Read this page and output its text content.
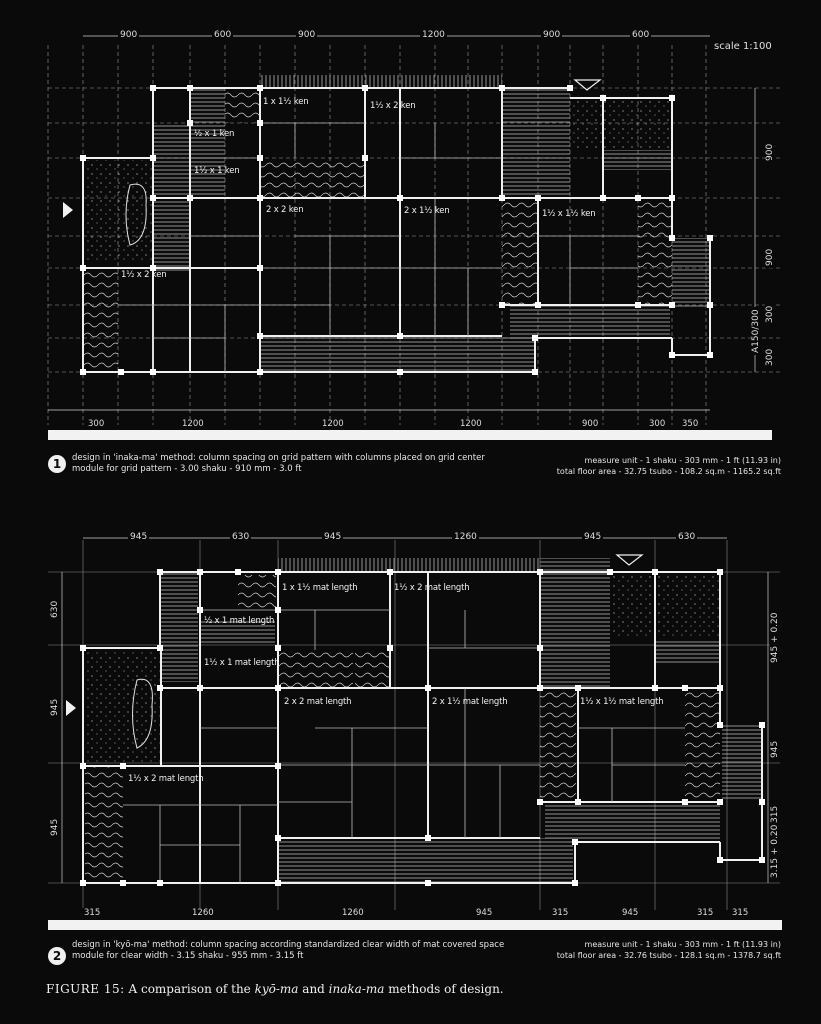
scale 1:100
900	600	900	1200	900	600
900
900
300
A150/300
300
1 x 1½ ken	1½ x 2 ken
½ x 1 ken
1½ x 1 ken
2 x 2 ken	2 x 1½ ken	1½ x 1½ ken
1½ x 2 ken
300	1200	1200	1200	900	300 350
1	design in 'inaka-ma' method: column spacing on grid pattern with columns placed on grid center
module for grid pattern - 3.00 shaku - 910 mm - 3.0 ft
measure unit - 1 shaku - 303 mm - 1 ft (11.93 in)
total floor area - 32.75 tsubo - 108.2 sq.m - 1165.2 sq.ft
945	630	945	1260	945	630
630
945
945
945 + 0.20
945
315
3.15 + 0.20
1 x 1½ mat length	1½ x 2 mat length
½ x 1 mat length
1½ x 1 mat length
2 x 2 mat length	2 x 1½ mat length	1½ x 1½ mat length
1½ x 2 mat length
315	1260	1260	945	315	945	315 315
2
design in 'kyō-ma' method: column spacing according standardized clear width of mat covered space
module for clear width - 3.15 shaku - 955 mm - 3.15 ft
measure unit - 1 shaku - 303 mm - 1 ft (11.93 in)
total floor area - 32.76 tsubo - 128.1 sq.m - 1378.7 sq.ft
FIGURE 15: A comparison of the kyō-ma and inaka-ma methods of design.
